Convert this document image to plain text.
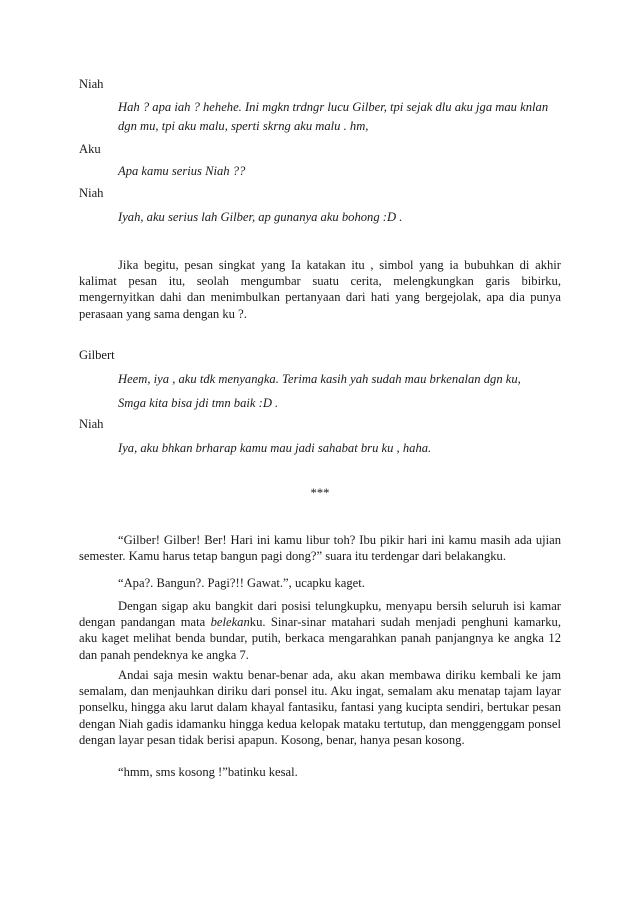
Niah

Hah ? apa iah ? hehehe. Ini mgkn trdngr lucu Gilber, tpi sejak dlu aku jga mau knlan dgn mu, tpi aku malu, sperti skrng aku malu . hm,

Aku

Apa kamu serius Niah ??

Niah

Iyah, aku serius lah Gilber, ap gunanya aku bohong :D .

Jika begitu, pesan singkat yang Ia katakan itu , simbol yang ia bubuhkan di akhir kalimat pesan itu, seolah mengumbar suatu cerita, melengkungkan garis bibirku, mengernyitkan dahi dan menimbulkan pertanyaan dari hati yang bergejolak, apa dia punya perasaan yang sama dengan ku ?.

Gilbert

Heem, iya , aku tdk menyangka. Terima kasih yah sudah mau brkenalan dgn ku,

Smga kita bisa jdi tmn baik :D .

Niah

Iya, aku bhkan brharap kamu mau jadi sahabat bru ku , haha.

***

“Gilber! Gilber! Ber! Hari ini kamu libur toh? Ibu pikir hari ini kamu masih ada ujian semester. Kamu harus tetap bangun pagi dong?” suara itu terdengar dari belakangku.

“Apa?. Bangun?. Pagi?!! Gawat.”, ucapku kaget.

Dengan sigap aku bangkit dari posisi telungkupku, menyapu bersih seluruh isi kamar dengan pandangan mata belekanku. Sinar-sinar matahari sudah menjadi penghuni kamarku, aku kaget melihat benda bundar, putih, berkaca mengarahkan panah panjangnya ke angka 12 dan panah pendeknya ke angka 7.

Andai saja mesin waktu benar-benar ada, aku akan membawa diriku kembali ke jam semalam, dan menjauhkan diriku dari ponsel itu. Aku ingat, semalam aku menatap tajam layar ponselku, hingga aku larut dalam khayal fantasiku, fantasi yang kucipta sendiri, bertukar pesan dengan Niah gadis idamanku hingga kedua kelopak mataku tertutup, dan menggenggam ponsel dengan layar pesan tidak berisi apapun. Kosong, benar, hanya pesan kosong.

“hmm, sms kosong !”batinku kesal.
